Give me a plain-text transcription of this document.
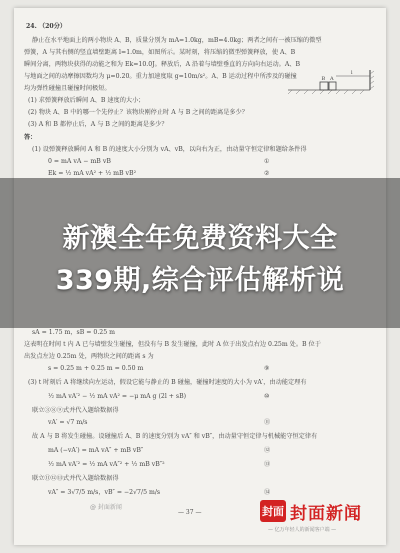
24. （20分）
静止在水平地面上的两小物块 A、B，质量分别为 mA=1.0kg，mB=4.0kg；两者之间有一被压缩的微型
弹簧，A 与其右侧的竖直墙壁距离 l=1.0m，如图所示。某时刻，将压缩的微型弹簧释放，使 A、B
瞬间分离，两物块获得的动能之和为 Ek=10.0J。释放后，A 沿着与墙壁垂直的方向向右运动。A、B
与地面之间的动摩擦因数均为 μ=0.20。重力加速度取 g=10m/s²。A、B 运动过程中所涉及的碰撞
均为弹性碰撞且碰撞时间极短。
(1) 求弹簧释放后瞬间 A、B 速度的大小；
(2) 物块 A、B 中的哪一个先停止？该物块刚停止时 A 与 B 之间的距离是多少？
(3) A 和 B 都停止后，A 与 B 之间的距离是多少？
答：
(1) 设弹簧释放瞬间 A 和 B 的速度大小分别为 vA、vB，以向右为正，由动量守恒定律和题给条件得
0 = mA vA − mB vB
Ek = ½ mA vA² + ½ mB vB²
sA = 1.75 m，sB = 0.25 m
这表明在时间 t 内 A 已与墙壁发生碰撞，但没有与 B 发生碰撞，此时 A 位于出发点右边 0.25m 处。B 位于
出发点左边 0.25m 处，两物块之间的距离 s 为
s = 0.25 m + 0.25 m = 0.50 m
(3) t 时刻后 A 将继续向左运动，假设它能与静止的 B 碰撞，碰撞时速度的大小为 vA′，由动能定理有
½ mA vA′² − ½ mA vA² = −μ mA g (2l + sB)
联立③⑧⑨式并代入题给数据得
vA′ = √7 m/s
故 A 与 B 将发生碰撞。设碰撞后 A、B 的速度分别为 vA″ 和 vB″，由动量守恒定律与机械能守恒定律有
mA (−vA′) = mA vA″ + mB vB″
½ mA vA′² = ½ mA vA″² + ½ mB vB″²
联立⑪⑫⑬式并代入题给数据得
vA″ = 3√7/5 m/s，vB″ = −2√7/5 m/s
— 37 —
B A
l
①
②
⑨
⑩
⑪
⑫
⑬
⑭
新澳全年免费资料大全
339期,综合评估解析说
@ 封面新闻	封面 封面新闻
— 亿万年轻人的新闻客户端 —
